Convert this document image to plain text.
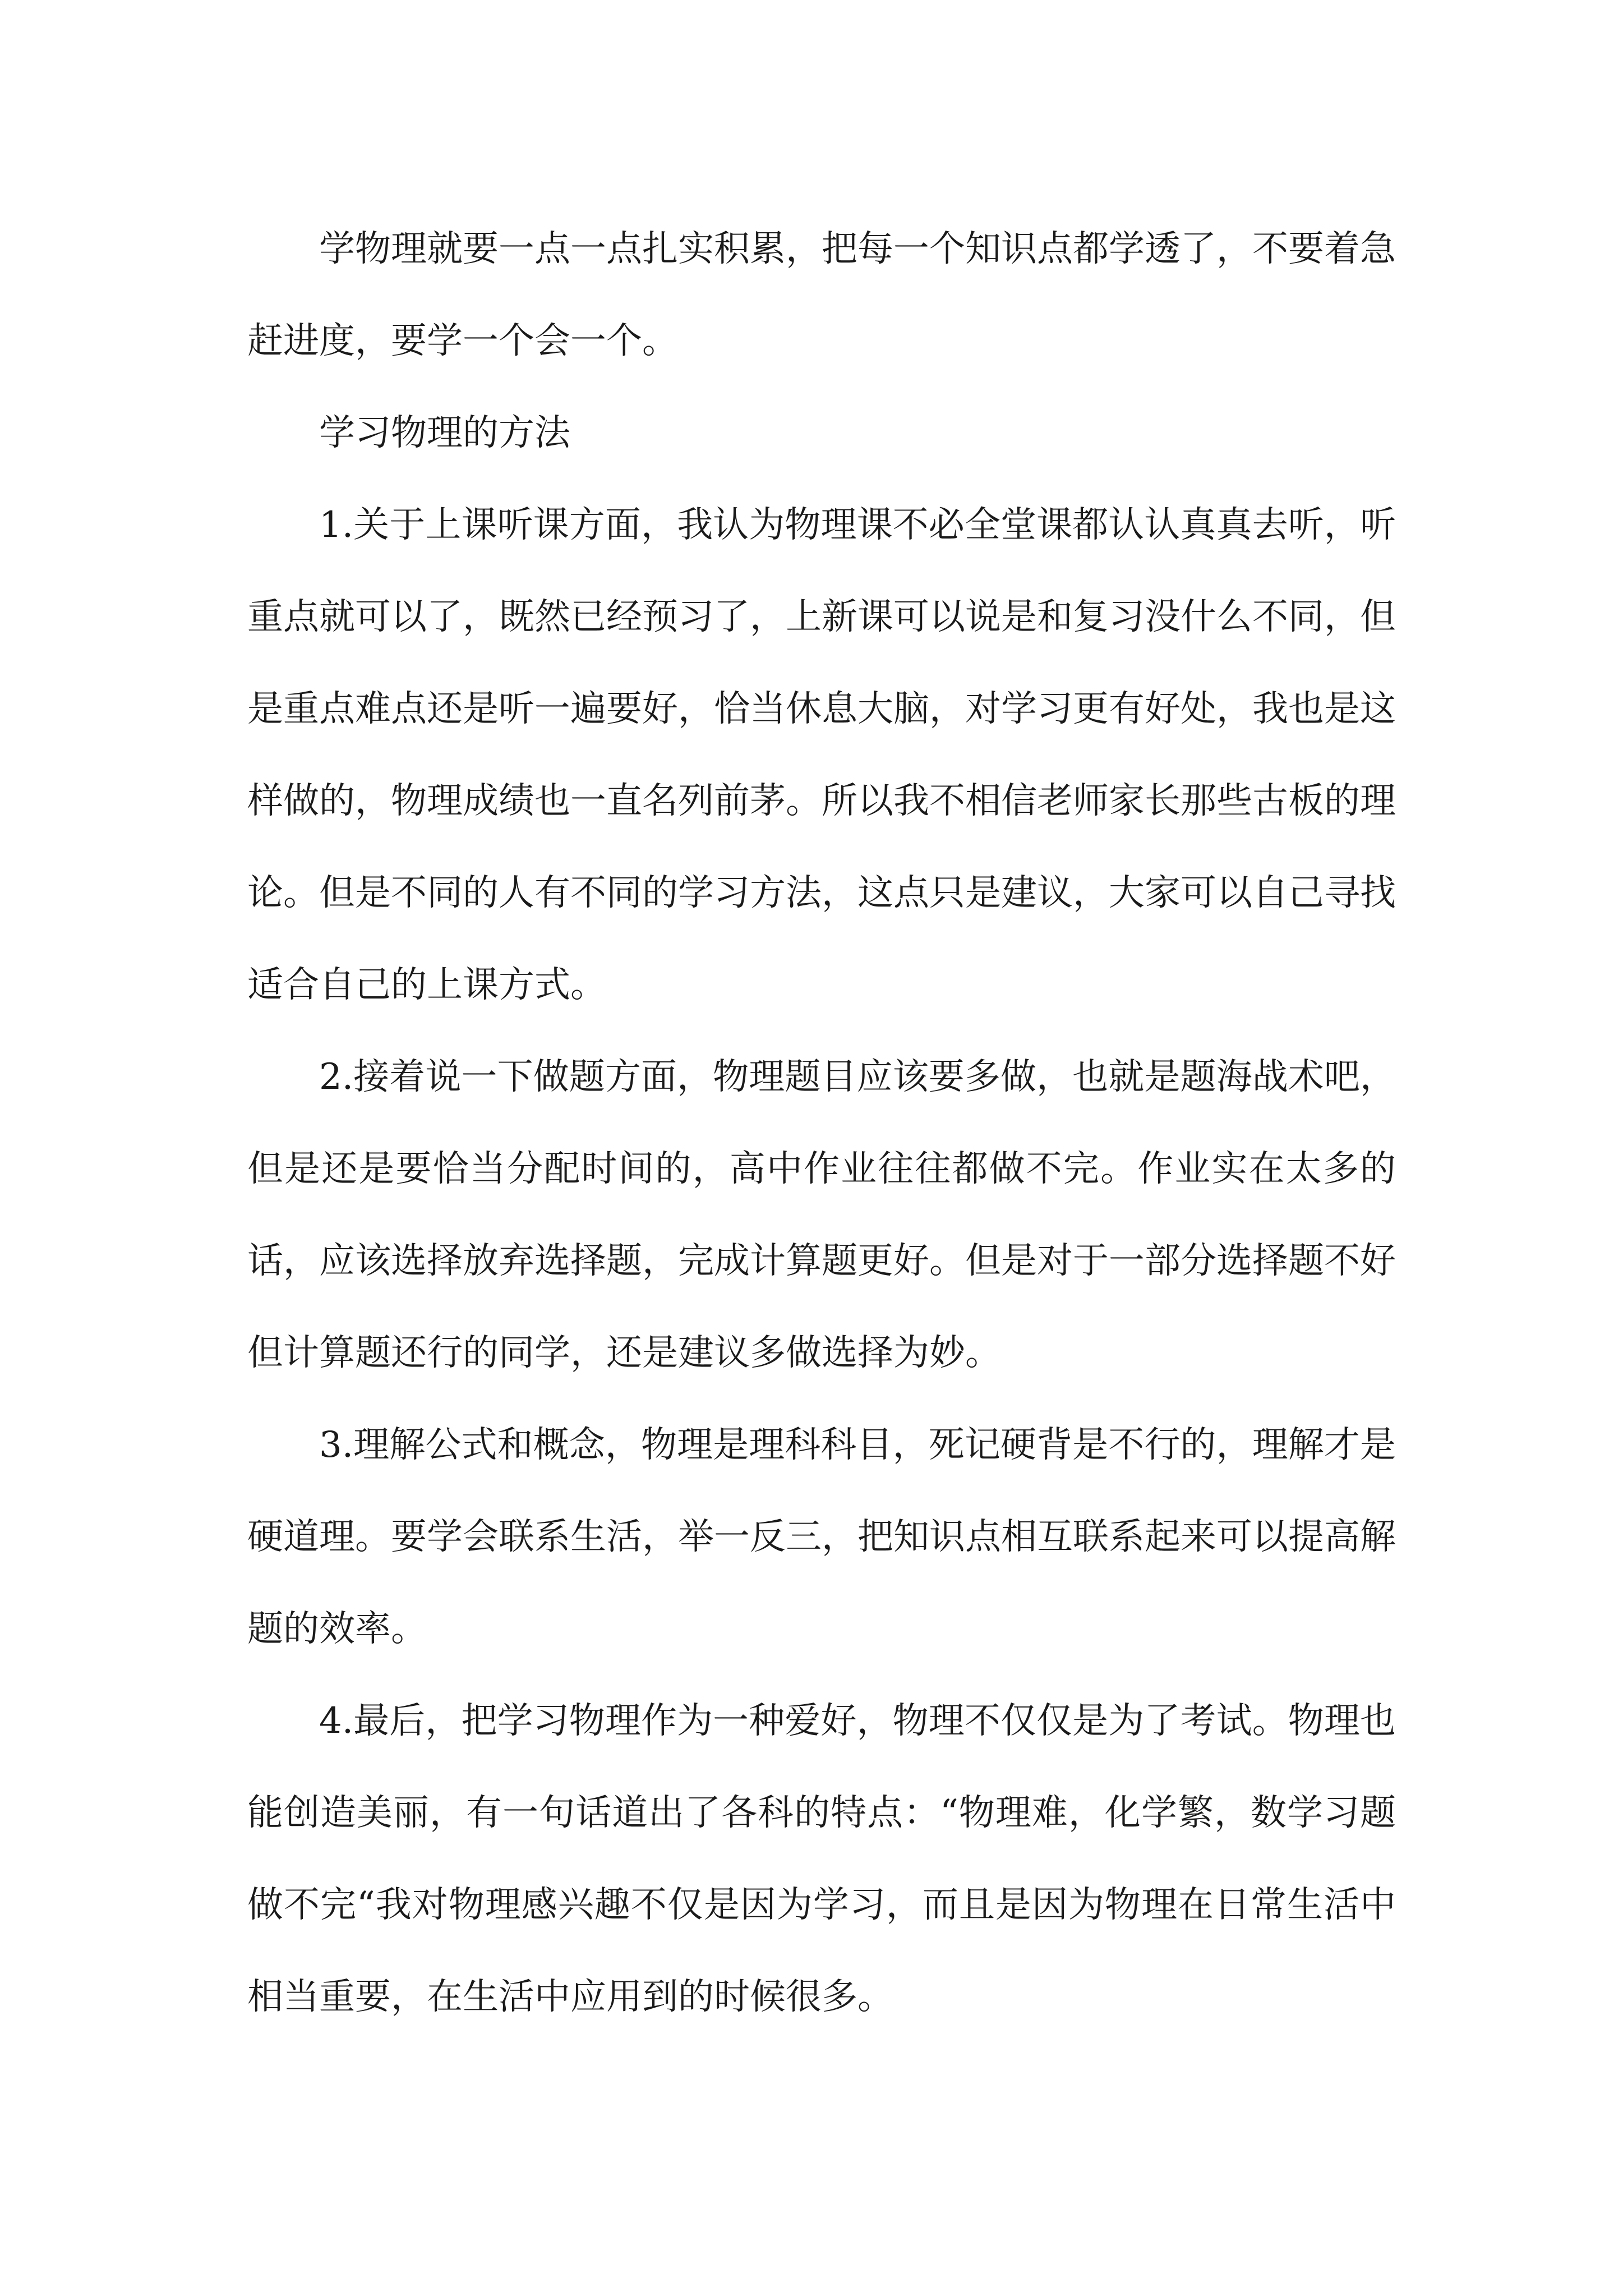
学物理就要一点一点扎实积累，把每一个知识点都学透了，不要着急赶进度，要学一个会一个。

学习物理的方法

1.关于上课听课方面，我认为物理课不必全堂课都认认真真去听，听重点就可以了，既然已经预习了，上新课可以说是和复习没什么不同，但是重点难点还是听一遍要好，恰当休息大脑，对学习更有好处，我也是这样做的，物理成绩也一直名列前茅。所以我不相信老师家长那些古板的理论。但是不同的人有不同的学习方法，这点只是建议，大家可以自己寻找适合自己的上课方式。

2.接着说一下做题方面，物理题目应该要多做，也就是题海战术吧，但是还是要恰当分配时间的，高中作业往往都做不完。作业实在太多的话，应该选择放弃选择题，完成计算题更好。但是对于一部分选择题不好但计算题还行的同学，还是建议多做选择为妙。

3.理解公式和概念，物理是理科科目，死记硬背是不行的，理解才是硬道理。要学会联系生活，举一反三，把知识点相互联系起来可以提高解题的效率。

4.最后，把学习物理作为一种爱好，物理不仅仅是为了考试。物理也能创造美丽，有一句话道出了各科的特点：“物理难，化学繁，数学习题做不完“我对物理感兴趣不仅是因为学习，而且是因为物理在日常生活中相当重要，在生活中应用到的时候很多。
